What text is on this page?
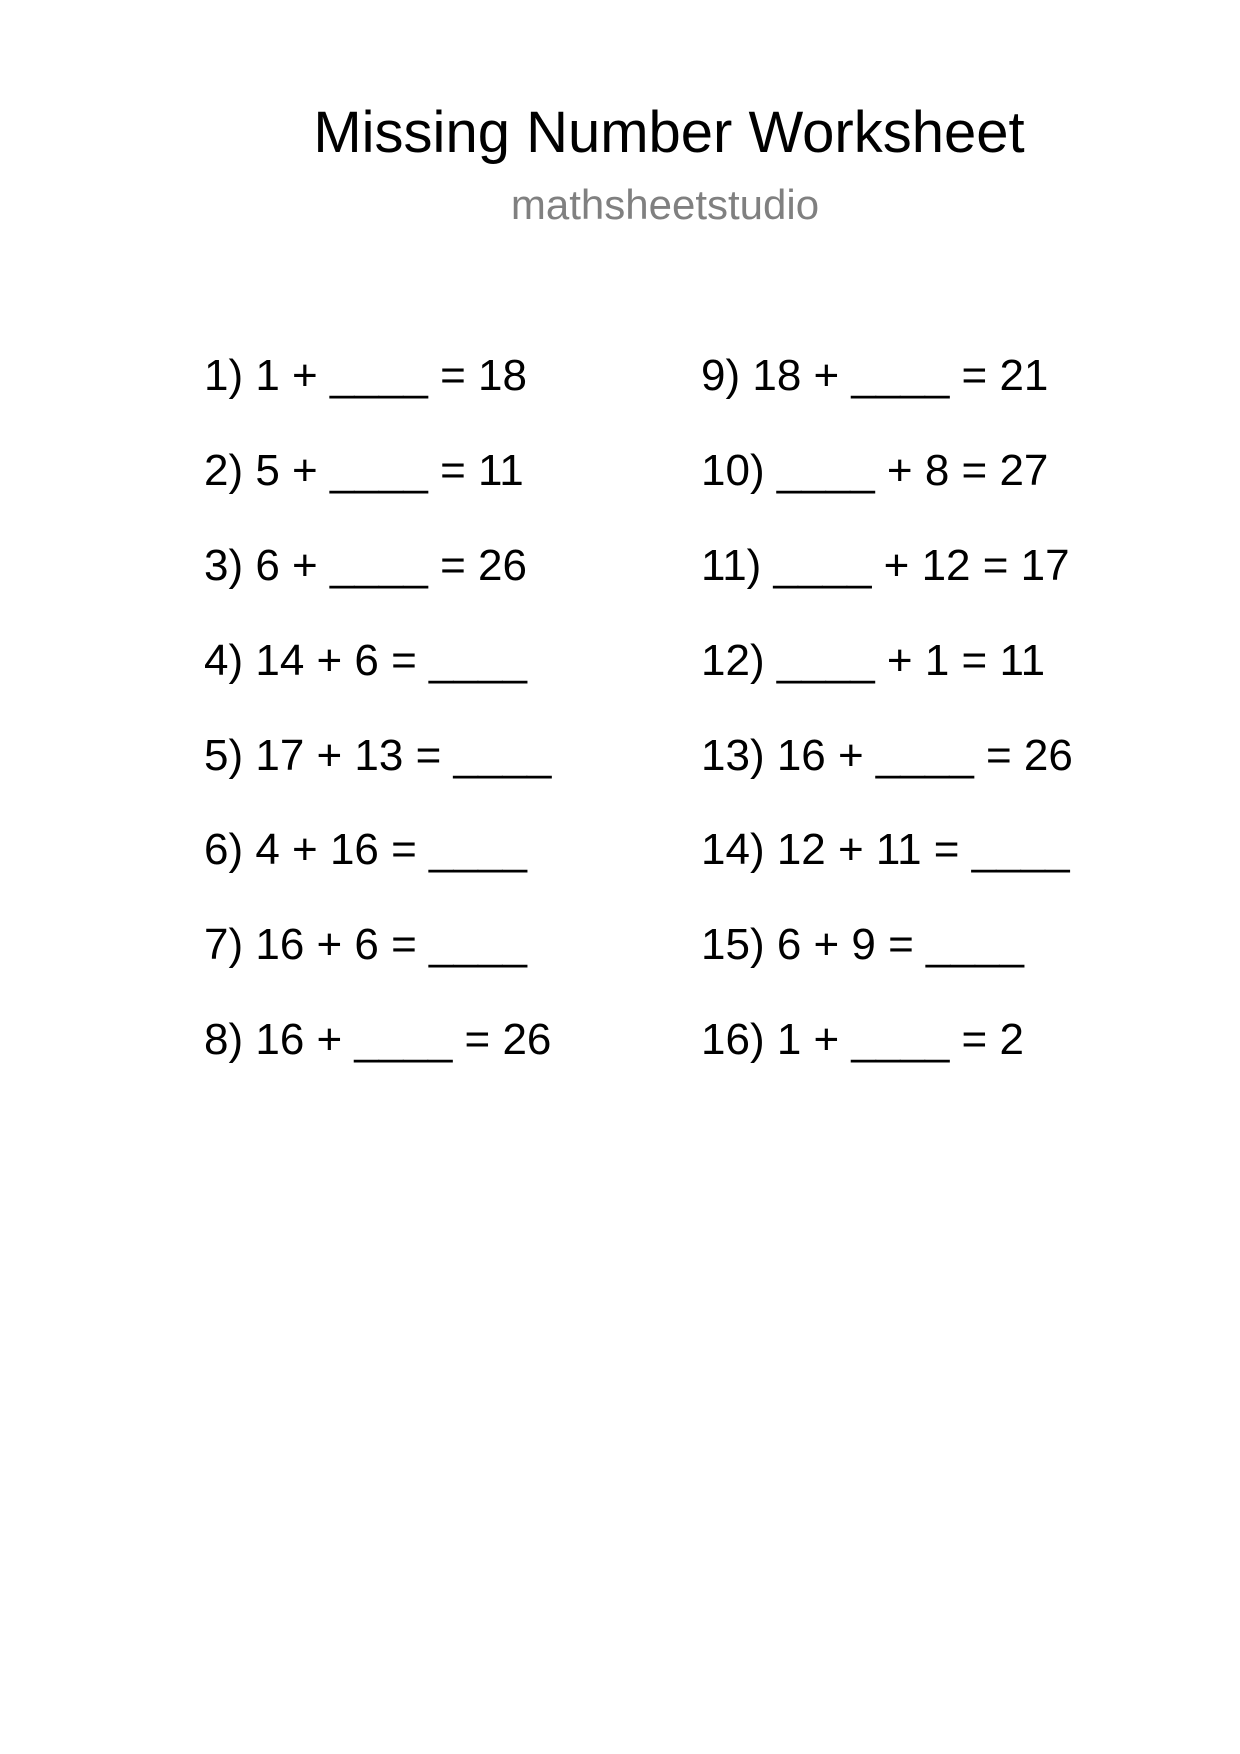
Missing Number Worksheet
mathsheetstudio
1) 1 + ____ = 18
2) 5 + ____ = 11
3) 6 + ____ = 26
4) 14 + 6 = ____
5) 17 + 13 = ____
6) 4 + 16 = ____
7) 16 + 6 = ____
8) 16 + ____ = 26
9) 18 + ____ = 21
10) ____ + 8 = 27
11) ____ + 12 = 17
12) ____ + 1 = 11
13) 16 + ____ = 26
14) 12 + 11 = ____
15) 6 + 9 = ____
16) 1 + ____ = 2
